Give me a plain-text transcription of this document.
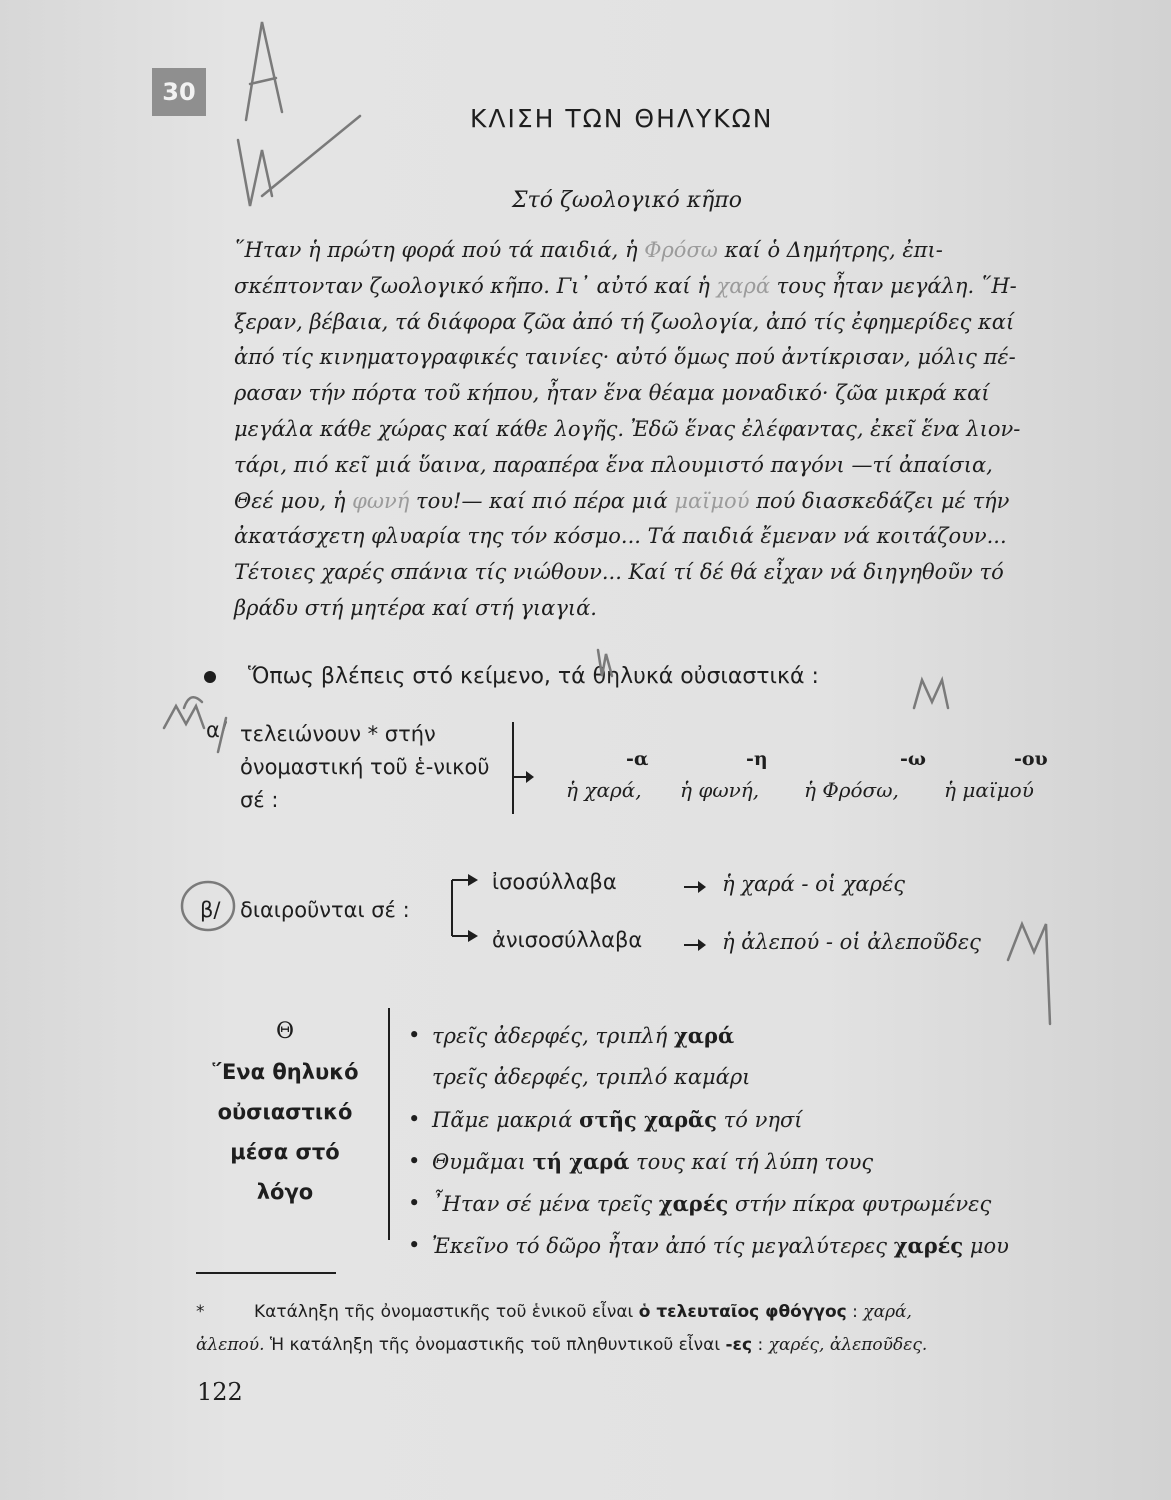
30
ΚΛΙΣΗ ΤΩΝ ΘΗΛΥΚΩΝ
Στό ζωολογικό κῆπο
῞Ηταν ἡ πρώτη φορά πού τά παιδιά, ἡ Φρόσω καί ὁ Δημήτρης, ἐπι-
σκέπτονταν ζωολογικό κῆπο. Γι᾿ αὐτό καί ἡ χαρά τους ἦταν μεγάλη. ῞Η-
ξεραν, βέβαια, τά διάφορα ζῶα ἀπό τή ζωολογία, ἀπό τίς ἐφημερίδες καί
ἀπό τίς κινηματογραφικές ταινίες· αὐτό ὅμως πού ἀντίκρισαν, μόλις πέ-
ρασαν τήν πόρτα τοῦ κήπου, ἦταν ἕνα θέαμα μοναδικό· ζῶα μικρά καί
μεγάλα κάθε χώρας καί κάθε λογῆς. Ἐδῶ ἕνας ἐλέφαντας, ἐκεῖ ἕνα λιον-
τάρι, πιό κεῖ μιά ὕαινα, παραπέρα ἕνα πλουμιστό παγόνι —τί ἀπαίσια,
Θεέ μου, ἡ φωνή του!— καί πιό πέρα μιά μαϊμού πού διασκεδάζει μέ τήν
ἀκατάσχετη φλυαρία της τόν κόσμο... Τά παιδιά ἔμεναν νά κοιτάζουν...
Τέτοιες χαρές σπάνια τίς νιώθουν... Καί τί δέ θά εἶχαν νά διηγηθοῦν τό
βράδυ στή μητέρα καί στή γιαγιά.
Ὅπως βλέπεις στό κείμενο, τά θηλυκά οὐσιαστικά :
α/ τελειώνουν * στήν ὀνομαστική τοῦ ἑ-νικοῦ σέ :
-α	-η	-ω	-ου
ἡ χαρά, ἡ φωνή, ἡ Φρόσω, ἡ μαϊμού
β/ διαιροῦνται σέ :
ἰσοσύλλαβα	ἡ χαρά - οἱ χαρές
ἀνισοσύλλαβα	ἡ ἀλεπού - οἱ ἀλεποῦδες
Θ
῞Ενα θηλυκό
οὐσιαστικό
μέσα στό
λόγο
• τρεῖς ἀδερφές, τριπλή χαρά
τρεῖς ἀδερφές, τριπλό καμάρι
• Πᾶμε μακριά στῆς χαρᾶς τό νησί
• Θυμᾶμαι τή χαρά τους καί τή λύπη τους
• ῏Ηταν σέ μένα τρεῖς χαρές στήν πίκρα φυτρωμένες
• Ἐκεῖνο τό δῶρο ἦταν ἀπό τίς μεγαλύτερες χαρές μου
*	Κατάληξη τῆς ὀνομαστικῆς τοῦ ἑνικοῦ εἶναι ὁ τελευταῖος φθόγγος : χαρά,
ἀλεπού. Ἡ κατάληξη τῆς ὀνομαστικῆς τοῦ πληθυντικοῦ εἶναι -ες : χαρές, ἀλεποῦδες.
122
